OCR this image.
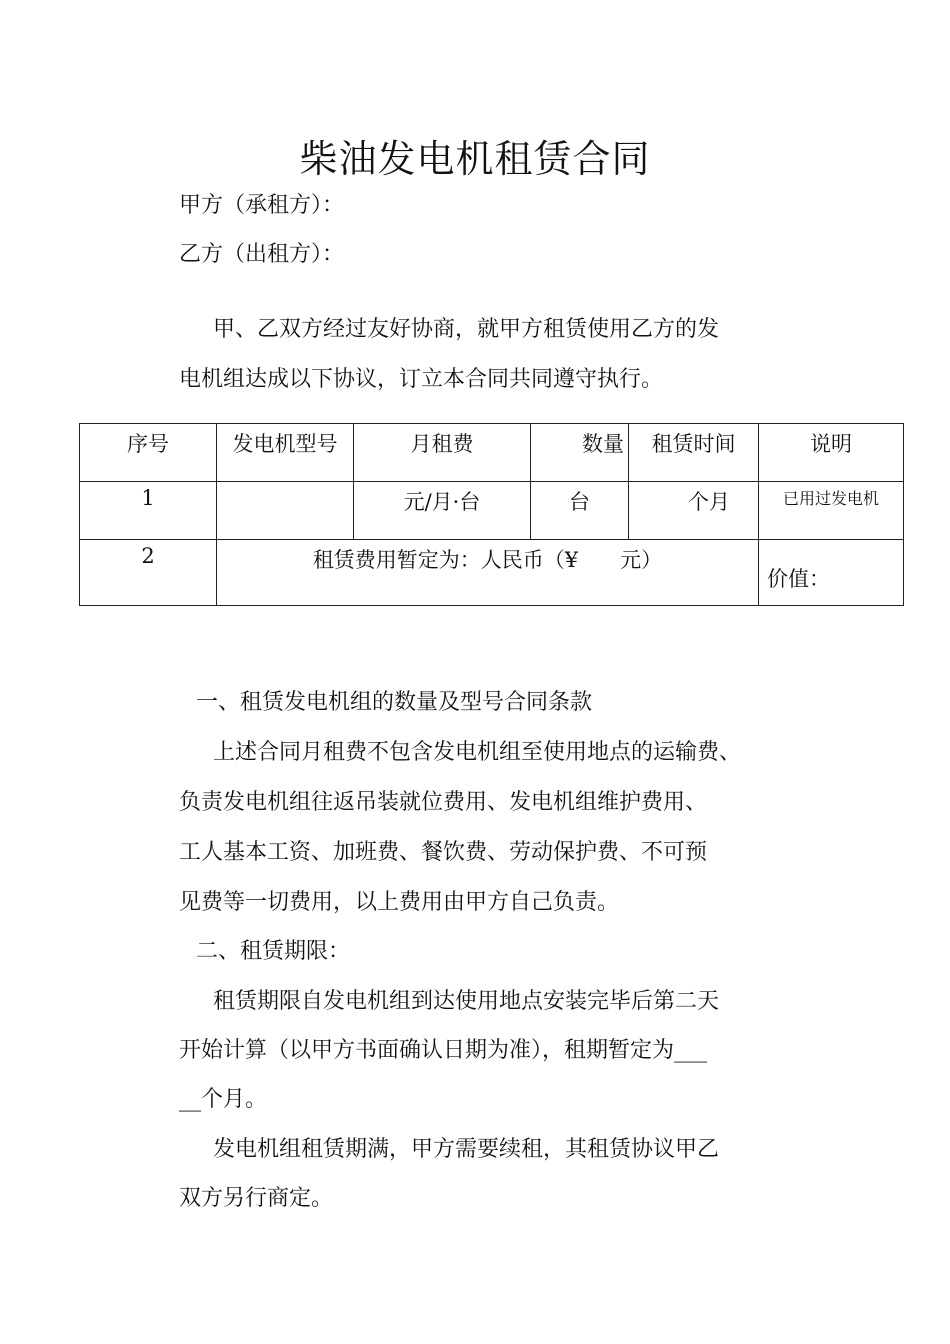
柴油发电机租赁合同
甲方（承租方）：
乙方（出租方）：
甲、乙双方经过友好协商，就甲方租赁使用乙方的发
电机组达成以下协议，订立本合同共同遵守执行。
序号	发电机型号	月租费	数量	租赁时间	说明
1		元/月·台	台	个月	已用过发电机
2	租赁费用暂定为：人民币（¥　　元）				价值：
一、租赁发电机组的数量及型号合同条款
上述合同月租费不包含发电机组至使用地点的运输费、
负责发电机组往返吊装就位费用、发电机组维护费用、
工人基本工资、加班费、餐饮费、劳动保护费、不可预
见费等一切费用，以上费用由甲方自己负责。
二、租赁期限：
租赁期限自发电机组到达使用地点安装完毕后第二天
开始计算（以甲方书面确认日期为准），租期暂定为___
__个月。
发电机组租赁期满，甲方需要续租，其租赁协议甲乙
双方另行商定。
